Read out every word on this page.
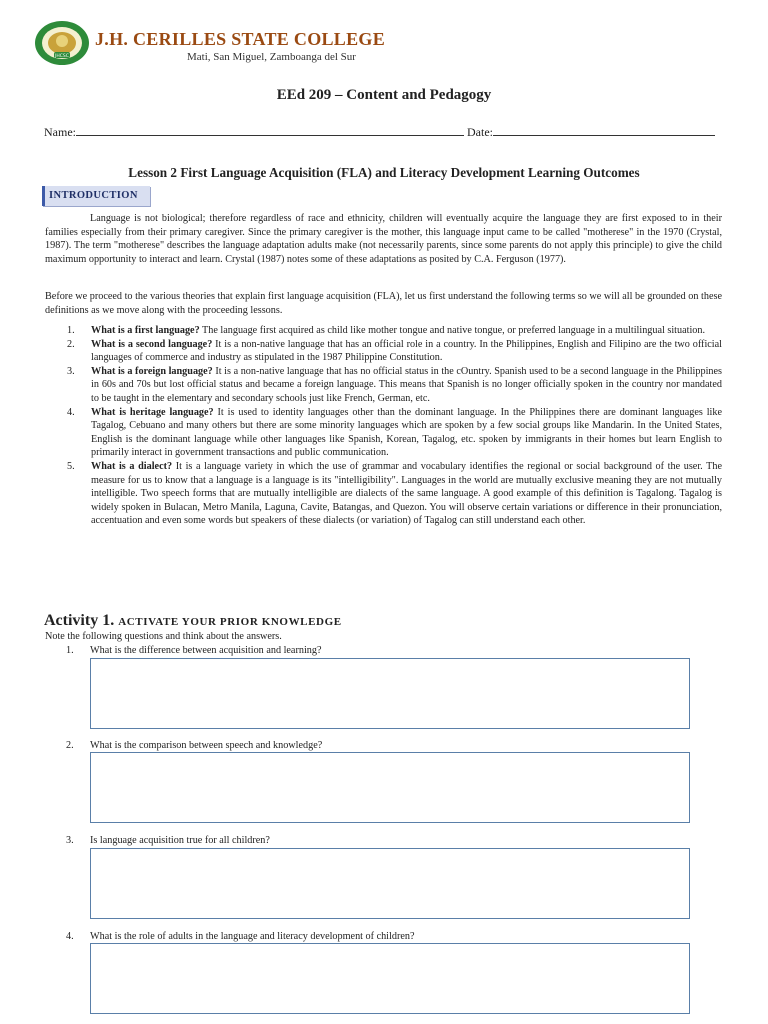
JHCSC
J.H. CERILLES STATE COLLEGE
Mati, San Miguel, Zamboanga del Sur
EEd 209 – Content and Pedagogy
Name:	Date:
Lesson 2 First Language Acquisition (FLA) and Literacy Development Learning Outcomes
INTRODUCTION
Language is not biological; therefore regardless of race and ethnicity, children will eventually acquire the language they are first exposed to in their families especially from their primary caregiver. Since the primary caregiver is the mother, this language input came to be called "motherese" in the 1970 (Crystal, 1987). The term "motherese" describes the language adaptation adults make (not necessarily parents, since some parents do not apply this principle) to give the child maximum opportunity to interact and learn. Crystal (1987) notes some of these adaptations as posited by C.A. Ferguson (1977).
Before we proceed to the various theories that explain first language acquisition (FLA), let us first understand the following terms so we will all be grounded on these definitions as we move along with the proceeding lessons.
1. What is a first language? The language first acquired as child like mother tongue and native tongue, or preferred language in a multilingual situation.
2. What is a second language? It is a non-native language that has an official role in a country. In the Philippines, English and Filipino are the two official languages of commerce and industry as stipulated in the 1987 Philippine Constitution.
3. What is a foreign language? It is a non-native language that has no official status in the cOuntry. Spanish used to be a second language in the Philippines in 60s and 70s but lost official status and became a foreign language. This means that Spanish is no longer officially spoken in the country nor mandated to be taught in the elementary and secondary schools just like French, German, etc.
4. What is heritage language? It is used to identity languages other than the dominant language. In the Philippines there are dominant languages like Tagalog, Cebuano and many others but there are some minority languages which are spoken by a few social groups like Mandarin. In the United States, English is the dominant language while other languages like Spanish, Korean, Tagalog, etc. spoken by immigrants in their homes but learn English to primarily interact in government transactions and public communication.
5. What is a dialect? It is a language variety in which the use of grammar and vocabulary identifies the regional or social background of the user. The measure for us to know that a language is a language is its "intelligibility". Languages in the world are mutually exclusive meaning they are not mutually intelligible. Two speech forms that are mutually intelligible are dialects of the same language. A good example of this definition is Tagalong. Tagalog is widely spoken in Bulacan, Metro Manila, Laguna, Cavite, Batangas, and Quezon. You will observe certain variations or difference in their pronunciation, accentuation and even some words but speakers of these dialects (or variation) of Tagalog can still understand each other.
Activity 1. ACTIVATE YOUR PRIOR KNOWLEDGE
Note the following questions and think about the answers.
1. What is the difference between acquisition and learning?
2. What is the comparison between speech and knowledge?
3. Is language acquisition true for all children?
4. What is the role of adults in the language and literacy development of children?
